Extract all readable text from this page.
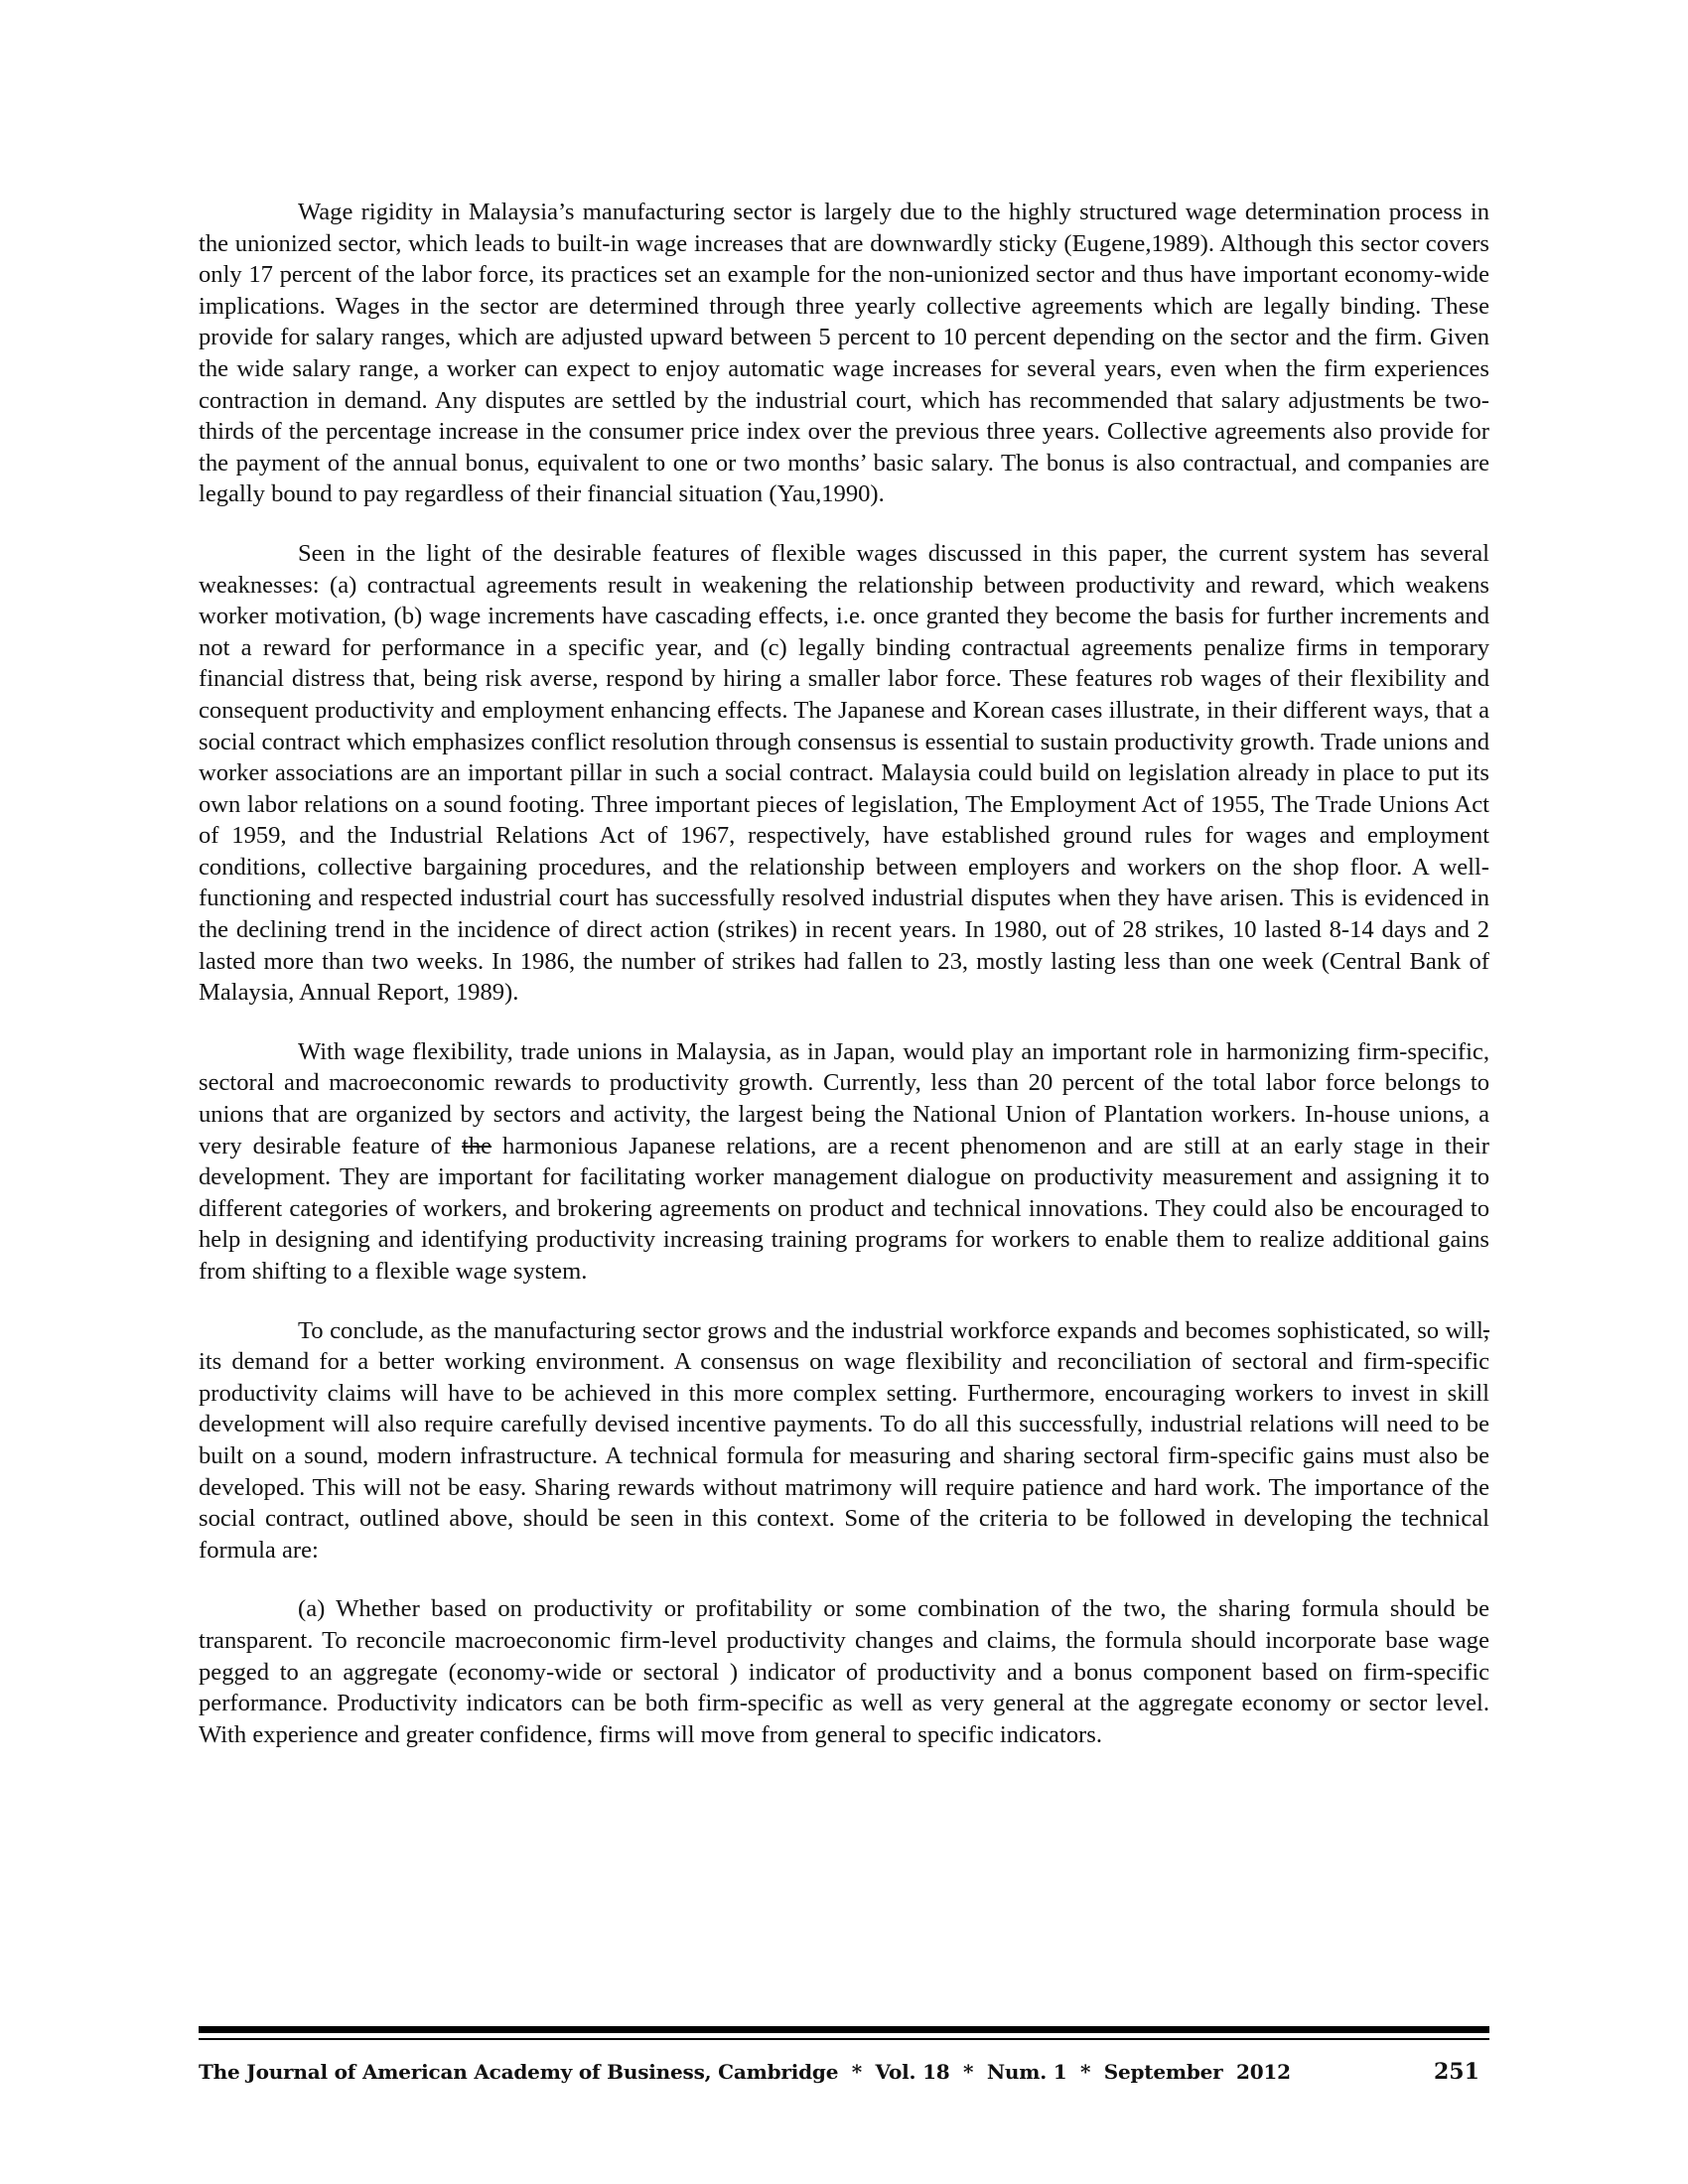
Wage rigidity in Malaysia’s manufacturing sector is largely due to the highly structured wage determination process in the unionized sector, which leads to built-in wage increases that are downwardly sticky (Eugene,1989). Although this sector covers only 17 percent of the labor force, its practices set an example for the non-unionized sector and thus have important economy-wide implications. Wages in the sector are determined through three yearly collective agreements which are legally binding. These provide for salary ranges, which are adjusted upward between 5 percent to 10 percent depending on the sector and the firm. Given the wide salary range, a worker can expect to enjoy automatic wage increases for several years, even when the firm experiences contraction in demand. Any disputes are settled by the industrial court, which has recommended that salary adjustments be two-thirds of the percentage increase in the consumer price index over the previous three years. Collective agreements also provide for the payment of the annual bonus, equivalent to one or two months’ basic salary. The bonus is also contractual, and companies are legally bound to pay regardless of their financial situation (Yau,1990).

Seen in the light of the desirable features of flexible wages discussed in this paper, the current system has several weaknesses: (a) contractual agreements result in weakening the relationship between productivity and reward, which weakens worker motivation, (b) wage increments have cascading effects, i.e. once granted they become the basis for further increments and not a reward for performance in a specific year, and (c) legally binding contractual agreements penalize firms in temporary financial distress that, being risk averse, respond by hiring a smaller labor force. These features rob wages of their flexibility and consequent productivity and employment enhancing effects. The Japanese and Korean cases illustrate, in their different ways, that a social contract which emphasizes conflict resolution through consensus is essential to sustain productivity growth. Trade unions and worker associations are an important pillar in such a social contract. Malaysia could build on legislation already in place to put its own labor relations on a sound footing. Three important pieces of legislation, The Employment Act of 1955, The Trade Unions Act of 1959, and the Industrial Relations Act of 1967, respectively, have established ground rules for wages and employment conditions, collective bargaining procedures, and the relationship between employers and workers on the shop floor. A well-functioning and respected industrial court has successfully resolved industrial disputes when they have arisen. This is evidenced in the declining trend in the incidence of direct action (strikes) in recent years. In 1980, out of 28 strikes, 10 lasted 8-14 days and 2 lasted more than two weeks. In 1986, the number of strikes had fallen to 23, mostly lasting less than one week (Central Bank of Malaysia, Annual Report, 1989).

With wage flexibility, trade unions in Malaysia, as in Japan, would play an important role in harmonizing firm-specific, sectoral and macroeconomic rewards to productivity growth. Currently, less than 20 percent of the total labor force belongs to unions that are organized by sectors and activity, the largest being the National Union of Plantation workers. In-house unions, a very desirable feature of the harmonious Japanese relations, are a recent phenomenon and are still at an early stage in their development. They are important for facilitating worker management dialogue on productivity measurement and assigning it to different categories of workers, and brokering agreements on product and technical innovations. They could also be encouraged to help in designing and identifying productivity increasing training programs for workers to enable them to realize additional gains from shifting to a flexible wage system.

To conclude, as the manufacturing sector grows and the industrial workforce expands and becomes sophisticated, so will, its demand for a better working environment. A consensus on wage flexibility and reconciliation of sectoral and firm-specific productivity claims will have to be achieved in this more complex setting. Furthermore, encouraging workers to invest in skill development will also require carefully devised incentive payments. To do all this successfully, industrial relations will need to be built on a sound, modern infrastructure. A technical formula for measuring and sharing sectoral firm-specific gains must also be developed. This will not be easy. Sharing rewards without matrimony will require patience and hard work. The importance of the social contract, outlined above, should be seen in this context. Some of the criteria to be followed in developing the technical formula are:

(a) Whether based on productivity or profitability or some combination of the two, the sharing formula should be transparent. To reconcile macroeconomic firm-level productivity changes and claims, the formula should incorporate base wage pegged to an aggregate (economy-wide or sectoral ) indicator of productivity and a bonus component based on firm-specific performance. Productivity indicators can be both firm-specific as well as very general at the aggregate economy or sector level. With experience and greater confidence, firms will move from general to specific indicators.

The Journal of American Academy of Business, Cambridge  *  Vol. 18  *  Num. 1  *  September  2012	251
